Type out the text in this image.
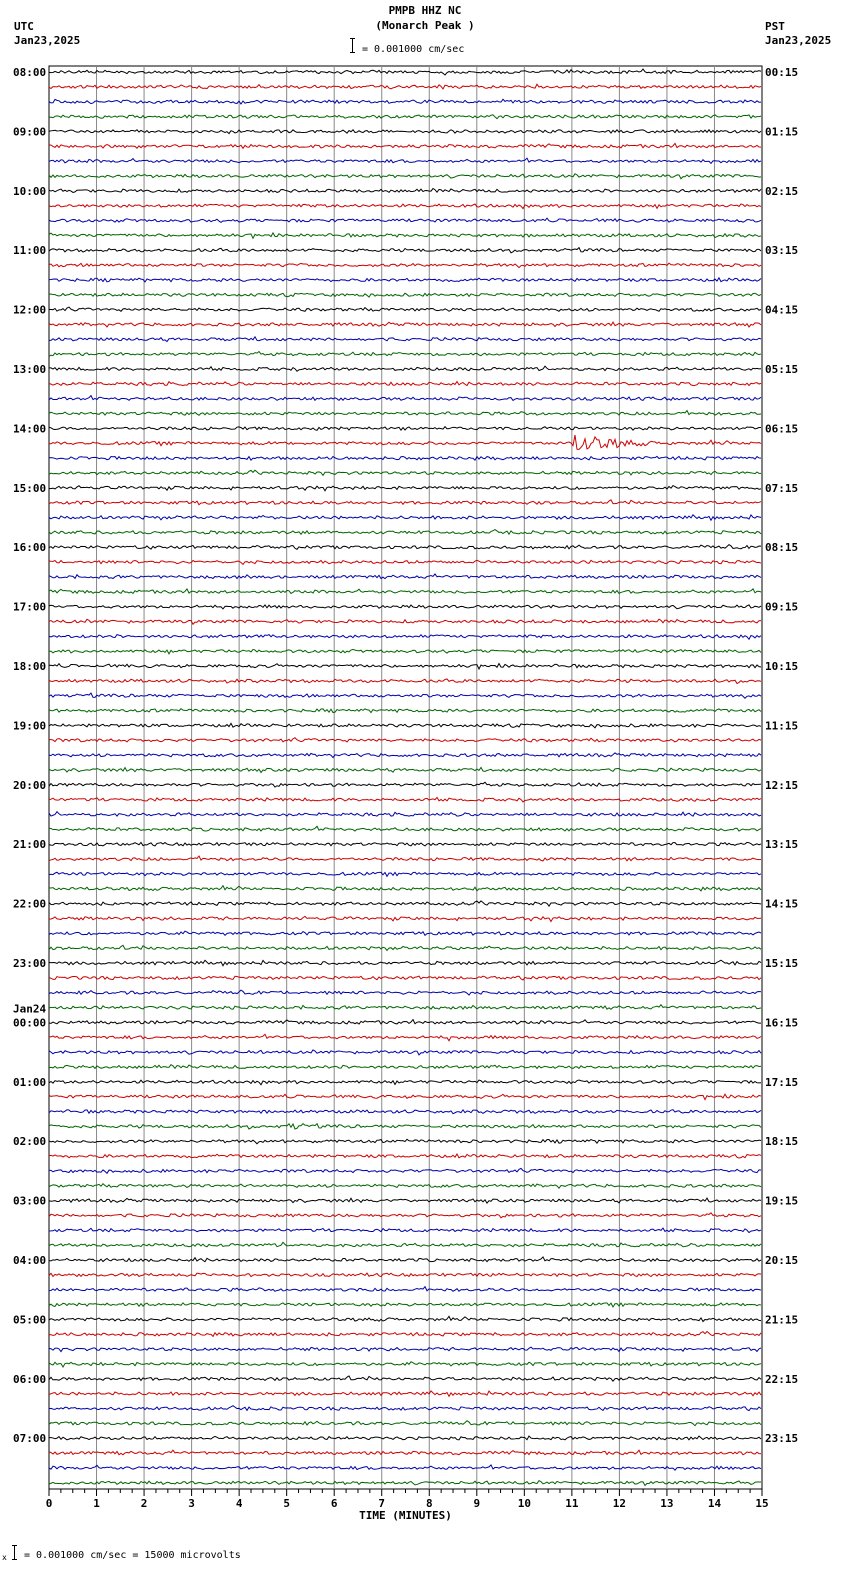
PMPB HHZ NC
(Monarch Peak )
UTC
Jan23,2025
PST
Jan23,2025
= 0.001000 cm/sec
08:00	00:15
09:00	01:15
10:00	02:15
11:00	03:15
12:00	04:15
13:00	05:15
14:00	06:15
15:00	07:15
16:00	08:15
17:00	09:15
18:00	10:15
19:00	11:15
20:00	12:15
21:00	13:15
22:00	14:15
23:00	15:15
00:00	16:15
01:00	17:15
02:00	18:15
03:00	19:15
04:00	20:15
05:00	21:15
06:00	22:15
07:00	23:15
Jan24
0	1	2	3	4	5	6	7	8	9	10	11	12	13	14	15
TIME (MINUTES)
x = 0.001000 cm/sec = 15000 microvolts
